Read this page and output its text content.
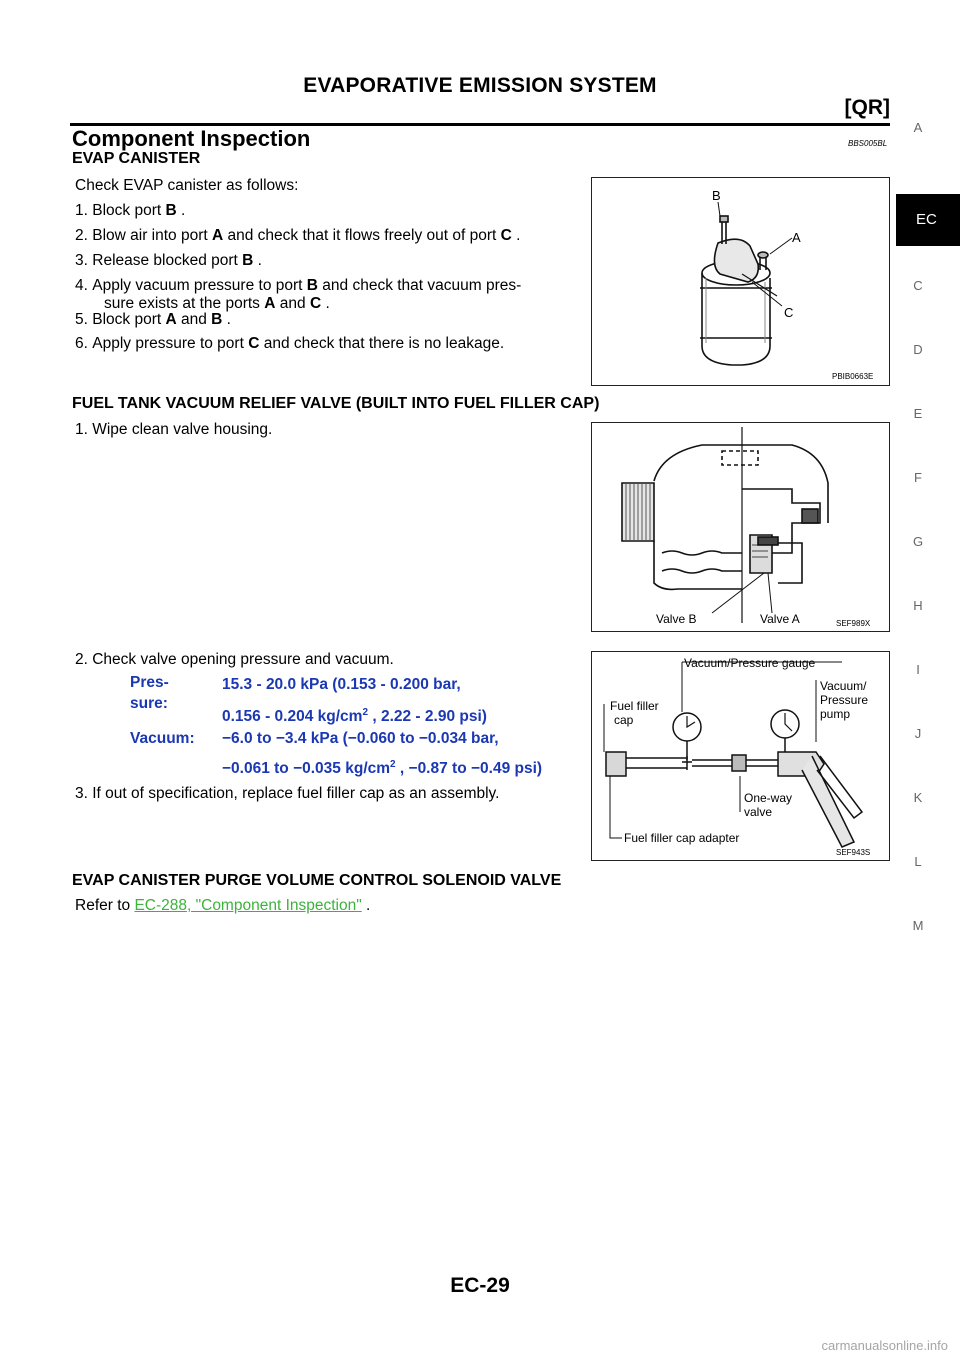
EVAPORATIVE EMISSION SYSTEM
[QR]
Component Inspection	BBS005BL
EVAP CANISTER
Check EVAP canister as follows:
1. Block port B .
2. Blow air into port A and check that it flows freely out of port C .
3. Release blocked port B .
4. Apply vacuum pressure to port B and check that vacuum pres-
sure exists at the ports A and C .
5. Block port A and B .
6. Apply pressure to port C and check that there is no leakage.
B
A
C
PBIB0663E
FUEL TANK VACUUM RELIEF VALVE (BUILT INTO FUEL FILLER CAP)
1. Wipe clean valve housing.
Valve B	Valve A	SEF989X
2. Check valve opening pressure and vacuum.
Pres-
sure:
15.3 - 20.0 kPa (0.153 - 0.200 bar,
0.156 - 0.204 $kg/cm^2$ , 2.22 - 2.90 psi)
Vacuum: −6.0 to −3.4 kPa (−0.060 to −0.034 bar,
−0.061 to −0.035 $kg/cm^2$ , −0.87 to −0.49 psi)
3. If out of specification, replace fuel filler cap as an assembly.
Vacuum/Pressure gauge
Fuel filler
cap
Vacuum/
Pressure
pump
One-way
valve
Fuel filler cap adapter
SEF943S
EVAP CANISTER PURGE VOLUME CONTROL SOLENOID VALVE
Refer to EC-288, "Component Inspection" .
A
EC
C
D
E
F
G
H
I
J
K
L
M
EC-29
carmanualsonline.info
